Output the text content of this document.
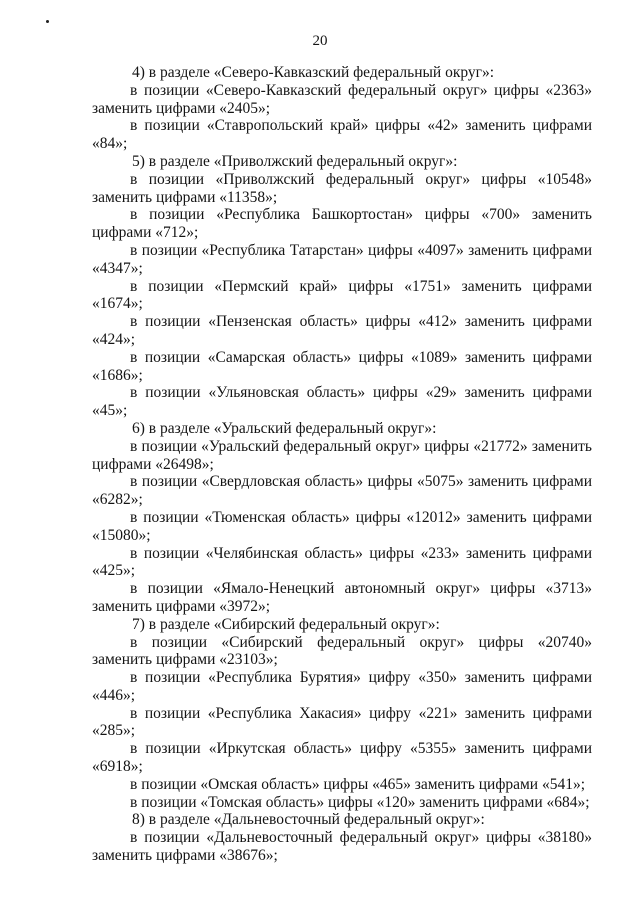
20

4) в разделе «Северо-Кавказский федеральный округ»:

в позиции «Северо-Кавказский федеральный округ» цифры «2363» заменить цифрами «2405»;

в позиции «Ставропольский край» цифры «42» заменить цифрами «84»;

5) в разделе «Приволжский федеральный округ»:

в позиции «Приволжский федеральный округ» цифры «10548» заменить цифрами «11358»;

в позиции «Республика Башкортостан» цифры «700» заменить цифрами «712»;

в позиции «Республика Татарстан» цифры «4097» заменить цифрами «4347»;

в позиции «Пермский край» цифры «1751» заменить цифрами «1674»;

в позиции «Пензенская область» цифры «412» заменить цифрами «424»;

в позиции «Самарская область» цифры «1089» заменить цифрами «1686»;

в позиции «Ульяновская область» цифры «29» заменить цифрами «45»;

6) в разделе «Уральский федеральный округ»:

в позиции «Уральский федеральный округ» цифры «21772» заменить цифрами «26498»;

в позиции «Свердловская область» цифры «5075» заменить цифрами «6282»;

в позиции «Тюменская область» цифры «12012» заменить цифрами «15080»;

в позиции «Челябинская область» цифры «233» заменить цифрами «425»;

в позиции «Ямало-Ненецкий автономный округ» цифры «3713» заменить цифрами «3972»;

7) в разделе «Сибирский федеральный округ»:

в позиции «Сибирский федеральный округ» цифры «20740» заменить цифрами «23103»;

в позиции «Республика Бурятия» цифру «350» заменить цифрами «446»;

в позиции «Республика Хакасия» цифру «221» заменить цифрами «285»;

в позиции «Иркутская область» цифру «5355» заменить цифрами «6918»;

в позиции «Омская область» цифры «465» заменить цифрами «541»;

в позиции «Томская область» цифры «120» заменить цифрами «684»;

8) в разделе «Дальневосточный федеральный округ»:

в позиции «Дальневосточный федеральный округ» цифры «38180» заменить цифрами «38676»;
